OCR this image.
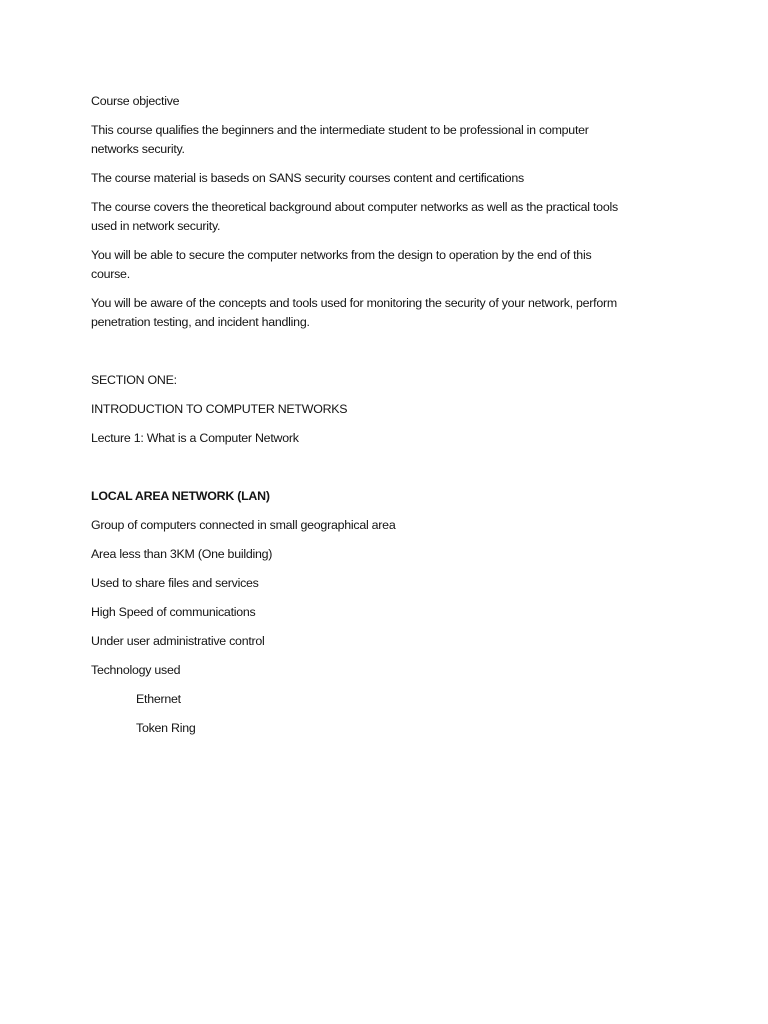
Course objective

This course qualifies the beginners and the intermediate student to be professional in computer

networks security.

The course material is baseds on SANS security courses content and certifications

The course covers the theoretical background about computer networks as well as the practical tools

used in network security.

You will be able to secure the computer networks from the design to operation by the end of this

course.

You will be aware of the concepts and tools used for monitoring the security of your network, perform

penetration testing, and incident handling.

SECTION ONE:

INTRODUCTION TO COMPUTER NETWORKS

Lecture 1: What is a Computer Network

LOCAL AREA NETWORK (LAN)

Group of computers connected in small geographical area

Area less than 3KM (One building)

Used to share files and services

High Speed of communications

Under user administrative control

Technology used

Ethernet

Token Ring
